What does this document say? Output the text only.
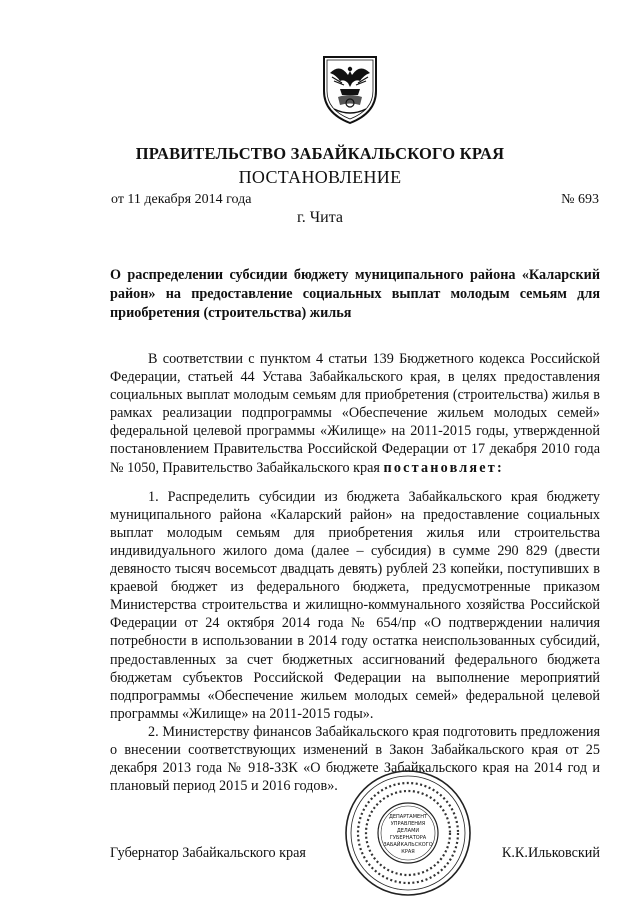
ПРАВИТЕЛЬСТВО ЗАБАЙКАЛЬСКОГО КРАЯ
ПОСТАНОВЛЕНИЕ
от 11 декабря 2014 года	№ 693
г. Чита
О распределении субсидии бюджету муниципального района «Каларский район» на предоставление социальных выплат молодым семьям для приобретения (строительства) жилья

В соответствии с пунктом 4 статьи 139 Бюджетного кодекса Российской Федерации, статьей 44 Устава Забайкальского края, в целях предоставления социальных выплат молодым семьям для приобретения (строительства) жилья в рамках реализации подпрограммы «Обеспечение жильем молодых семей» федеральной целевой программы «Жилище» на 2011-2015 годы, утвержденной постановлением Правительства Российской Федерации от 17 декабря 2010 года № 1050, Правительство Забайкальского края постановляет:

1. Распределить субсидии из бюджета Забайкальского края бюджету муниципального района «Каларский район» на предоставление социальных выплат молодым семьям для приобретения жилья или строительства индивидуального жилого дома (далее – субсидия) в сумме 290 829 (двести девяносто тысяч восемьсот двадцать девять) рублей 23 копейки, поступивших в краевой бюджет из федерального бюджета, предусмотренные приказом Министерства строительства и жилищно-коммунального хозяйства Российской Федерации от 24 октября 2014 года № 654/пр «О подтверждении наличия потребности в использовании в 2014 году остатка неиспользованных субсидий, предоставленных за счет бюджетных ассигнований федерального бюджета бюджетам субъектов Российской Федерации на выполнение мероприятий подпрограммы «Обеспечение жильем молодых семей» федеральной целевой программы «Жилище» на 2011-2015 годы».

2. Министерству финансов Забайкальского края подготовить предложения о внесении соответствующих изменений в Закон Забайкальского края от 25 декабря 2013 года № 918-ЗЗК «О бюджете Забайкальского края на 2014 год и плановый период 2015 и 2016 годов».

Губернатор Забайкальского края	К.К.Ильковский
ДЕПАРТАМЕНТ
УПРАВЛЕНИЯ
ДЕЛАМИ
ГУБЕРНАТОРА
ЗАБАЙКАЛЬСКОГО
КРАЯ
